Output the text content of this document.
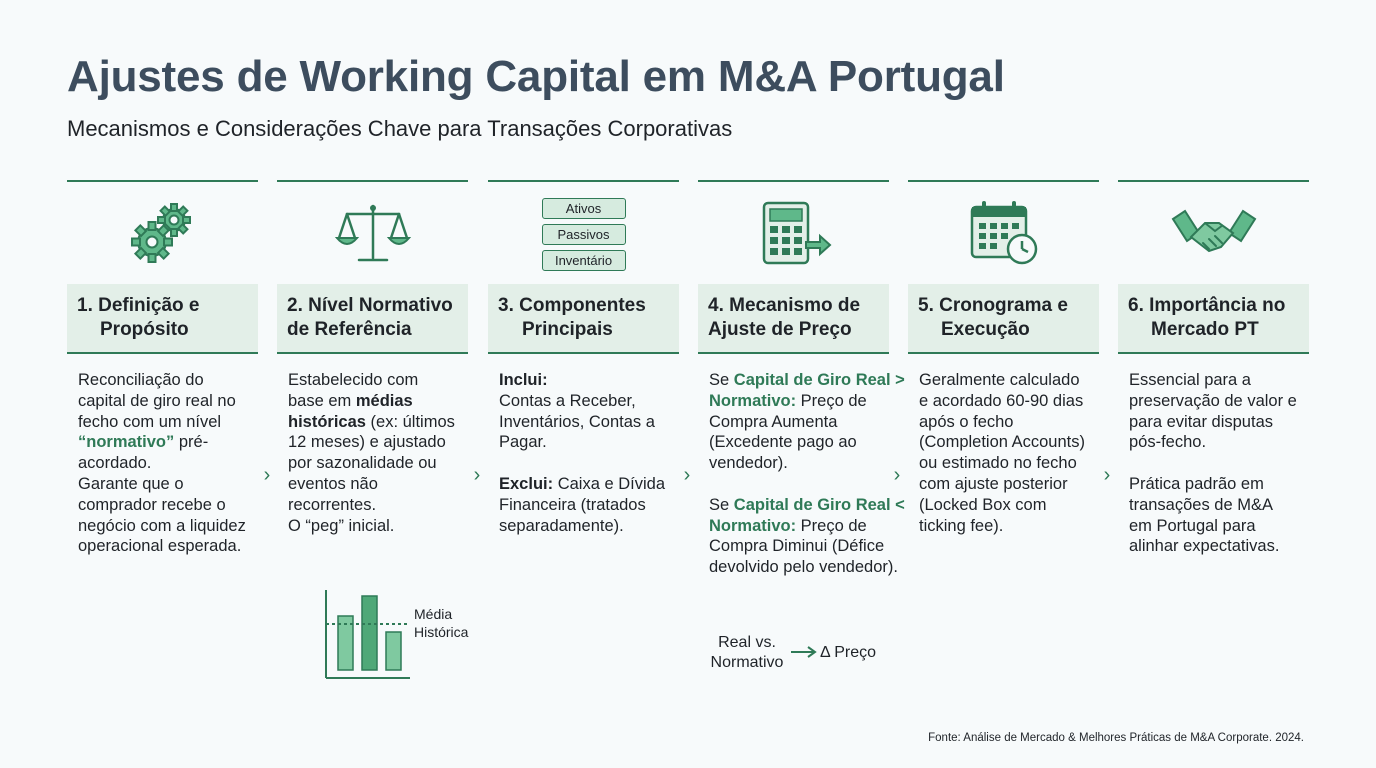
Ajustes de Working Capital em M&A Portugal
Mecanismos e Considerações Chave para Transações Corporativas
1. Definição e
Propósito
Reconciliação do capital de giro real no fecho com um nível “normativo” pré-acordado.
Garante que o comprador recebe o negócio com a liquidez operacional esperada.
2. Nível Normativo
de Referência
Estabelecido com base em médias históricas (ex: últimos 12 meses) e ajustado por sazonalidade ou eventos não recorrentes.
O “peg” inicial.
Média
Histórica
Ativos
Passivos
Inventário
3. Componentes
Principais
Inclui:
Contas a Receber, Inventários, Contas a Pagar.

Exclui: Caixa e Dívida Financeira (tratados separadamente).
4. Mecanismo de
Ajuste de Preço
Se Capital de Giro Real > Normativo: Preço de Compra Aumenta (Excedente pago ao vendedor).

Se Capital de Giro Real < Normativo: Preço de Compra Diminui (Défice devolvido pelo vendedor).
Real vs.
Normativo
Δ Preço
5. Cronograma e
Execução
Geralmente calculado e acordado 60-90 dias após o fecho (Completion Accounts) ou estimado no fecho com ajuste posterior (Locked Box com ticking fee).
6. Importância no
Mercado PT
Essencial para a preservação de valor e para evitar disputas pós-fecho.

Prática padrão em transações de M&A em Portugal para alinhar expectativas.
›	›	›	›	›
Fonte: Análise de Mercado & Melhores Práticas de M&A Corporate. 2024.
